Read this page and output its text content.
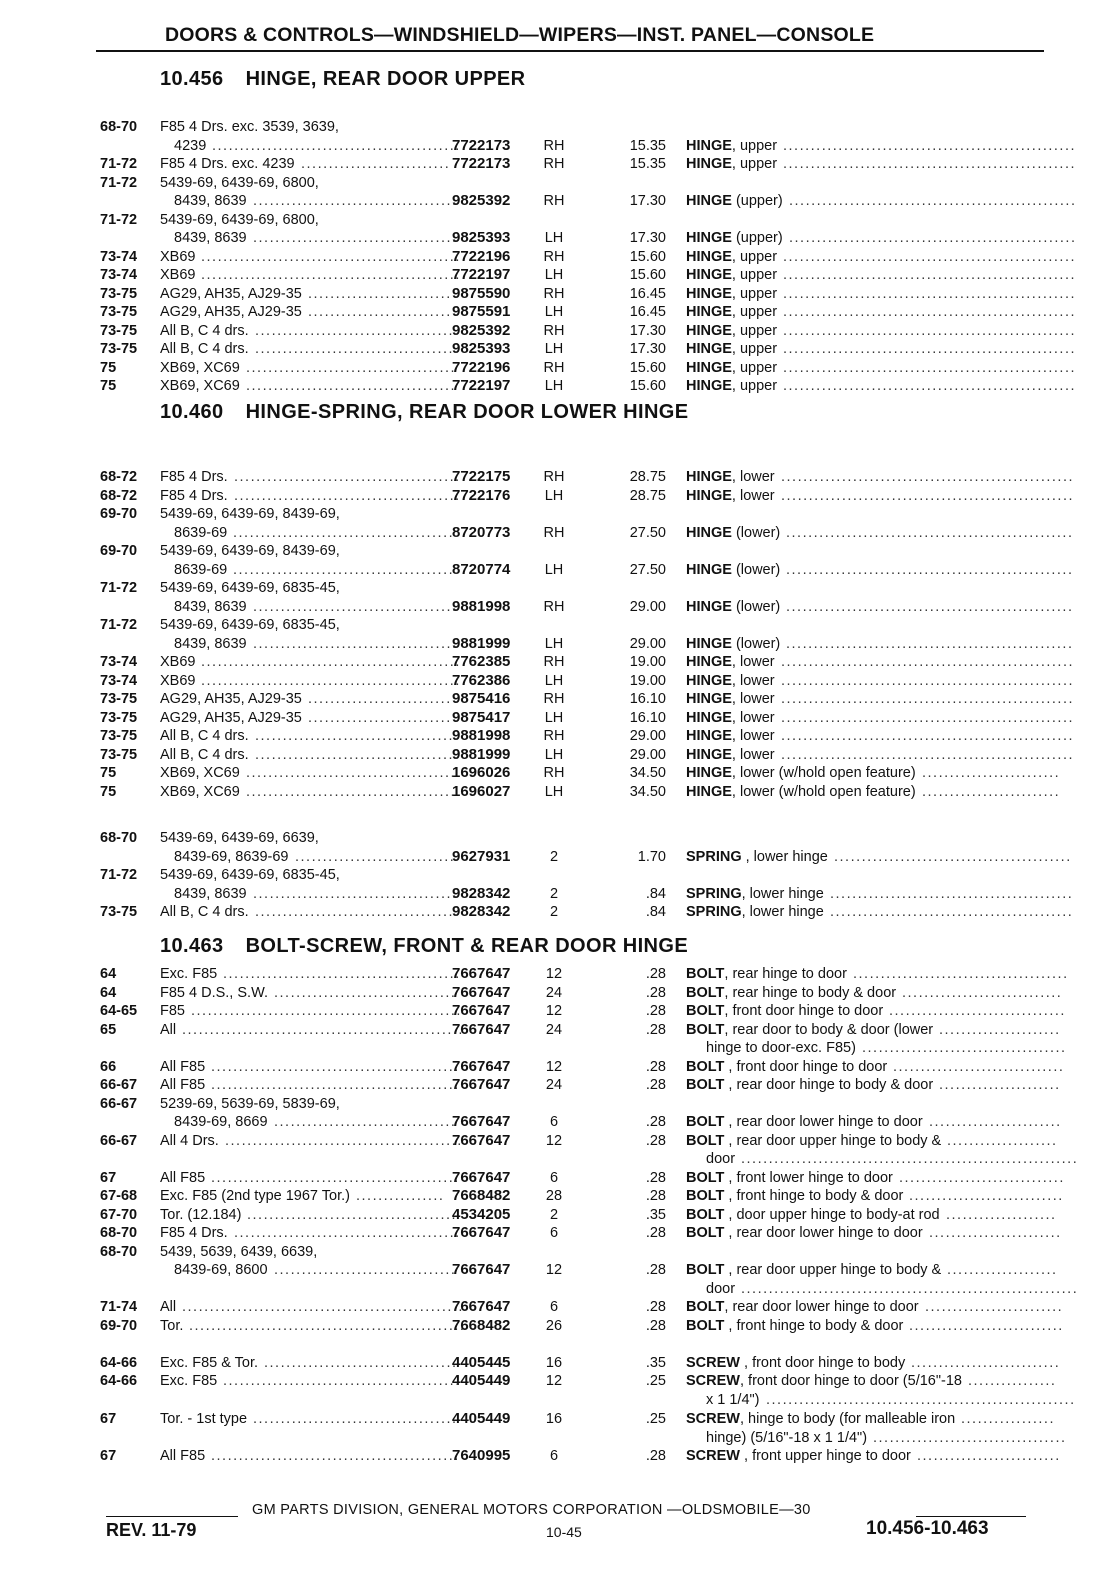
DOORS & CONTROLS—WINDSHIELD—WIPERS—INST. PANEL—CONSOLE
10.456 HINGE, REAR DOOR UPPER
10.460 HINGE-SPRING, REAR DOOR LOWER HINGE
10.463 BOLT-SCREW, FRONT & REAR DOOR HINGE
68-70 F85 4 Drs. exc. 3539, 3639,
4239	7722173	RH	15.35 HINGE, upper
.............................................	.....................................................
71-72 F85 4 Drs. exc. 4239	7722173	RH	15.35 HINGE, upper
...........................	.....................................................
71-72 5439-69, 6439-69, 6800,
8439, 8639	9825392	RH	17.30 HINGE (upper)
.....................................	....................................................
71-72 5439-69, 6439-69, 6800,
8439, 8639	9825393	LH	17.30 HINGE (upper)
.....................................	....................................................
73-74 XB69	7722196	RH	15.60 HINGE, upper
...............................................	.....................................................
73-74 XB69	7722197	LH	15.60 HINGE, upper
...............................................	.....................................................
73-75 AG29, AH35, AJ29-35	9875590	RH	16.45 HINGE, upper
..........................	.....................................................
73-75 AG29, AH35, AJ29-35	9875591	LH	16.45 HINGE, upper
..........................	.....................................................
73-75 All B, C 4 drs.	9825392	RH	17.30 HINGE, upper
.....................................	.....................................................
73-75 All B, C 4 drs.	9825393	LH	17.30 HINGE, upper
.....................................	.....................................................
75	XB69, XC69	7722196	RH	15.60 HINGE, upper
......................................	.....................................................
75	XB69, XC69	7722197	LH	15.60 HINGE, upper
......................................	.....................................................
68-72 F85 4 Drs.	7722175	RH	28.75 HINGE, lower
.........................................	.....................................................
68-72 F85 4 Drs.	7722176	LH	28.75 HINGE, lower
.........................................	.....................................................
69-70 5439-69, 6439-69, 8439-69,
8639-69	8720773	RH	27.50 HINGE (lower)
.........................................	....................................................
69-70 5439-69, 6439-69, 8439-69,
8639-69	8720774	LH	27.50 HINGE (lower)
.........................................	....................................................
71-72 5439-69, 6439-69, 6835-45,
8439, 8639	9881998	RH	29.00 HINGE (lower)
.....................................	....................................................
71-72 5439-69, 6439-69, 6835-45,
8439, 8639	9881999	LH	29.00 HINGE (lower)
.....................................	....................................................
73-74 XB69	7762385	RH	19.00 HINGE, lower
...............................................	.....................................................
73-74 XB69	7762386	LH	19.00 HINGE, lower
...............................................	.....................................................
73-75 AG29, AH35, AJ29-35	9875416	RH	16.10 HINGE, lower
..........................	.....................................................
73-75 AG29, AH35, AJ29-35	9875417	LH	16.10 HINGE, lower
..........................	.....................................................
73-75 All B, C 4 drs.	9881998	RH	29.00 HINGE, lower
.....................................	.....................................................
73-75 All B, C 4 drs.	9881999	LH	29.00 HINGE, lower
.....................................	.....................................................
75	XB69, XC69	1696026	RH	34.50 HINGE, lower (w/hold open feature)
......................................	.........................
75	XB69, XC69	1696027	LH	34.50 HINGE, lower (w/hold open feature)
......................................	.........................
68-70 5439-69, 6439-69, 6639,
8439-69, 8639-69	9627931	2	1.70 SPRING , lower hinge
.............................	...........................................
71-72 5439-69, 6439-69, 6835-45,
8439, 8639	9828342	2	.84 SPRING, lower hinge
.....................................	............................................
73-75 All B, C 4 drs.	9828342	2	.84 SPRING, lower hinge
.....................................	............................................
64	Exc. F85	7667647	12	.28 BOLT, rear hinge to door
...........................................	.......................................
64	F85 4 D.S., S.W.	7667647	24	.28 BOLT, rear hinge to body & door
.................................	.............................
64-65 F85	7667647	12	.28 BOLT, front door hinge to door
.................................................	................................
65	All	7667647	24	.28 BOLT, rear door to body & door (lower
...................................................	......................
hinge to door-exc. F85) .....................................
66	All F85	7667647	12	.28 BOLT , front door hinge to door
.............................................	...............................
66-67 All F85	7667647	24	.28 BOLT , rear door hinge to body & door
.............................................	......................
66-67 5239-69, 5639-69, 5839-69,
8439-69, 8669	7667647	6	.28 BOLT , rear door lower hinge to door
.................................	........................
66-67 All 4 Drs.	7667647	12	.28 BOLT , rear door upper hinge to body &
...........................................	....................
door .............................................................
67	All F85	7667647	6	.28 BOLT , front lower hinge to door
.............................................	..............................
67-68 Exc. F85 (2nd type 1967 Tor.)	7668482	28	.28 BOLT , front hinge to body & door
................	............................
67-70 Tor. (12.184)	4534205	2	.35 BOLT , door upper hinge to body-at rod
......................................	....................
68-70 F85 4 Drs.	7667647	6	.28 BOLT , rear door lower hinge to door
.........................................	........................
68-70 5439, 5639, 6439, 6639,
8439-69, 8600	7667647	12	.28 BOLT , rear door upper hinge to body &
.................................	....................
door .............................................................
71-74 All	7667647	6	.28 BOLT, rear door lower hinge to door
...................................................	.........................
69-70 Tor.	7668482	26	.28 BOLT , front hinge to body & door
..................................................	............................
64-66 Exc. F85 & Tor.	4405445	16	.35 SCREW , front door hinge to body
...................................	...........................
64-66 Exc. F85	4405449	12	.25 SCREW, front door hinge to door (5/16"-18
...........................................	................
x 1 1/4") ........................................................
67	Tor. - 1st type	4405449	16	.25 SCREW, hinge to body (for malleable iron
.....................................	.................
hinge) (5/16"-18 x 1 1/4") ...................................
67	All F85	7640995	6	.28 SCREW , front upper hinge to door
.............................................	..........................
GM PARTS DIVISION, GENERAL MOTORS CORPORATION —OLDSMOBILE—30
REV. 11-79	10-45	10.456-10.463
